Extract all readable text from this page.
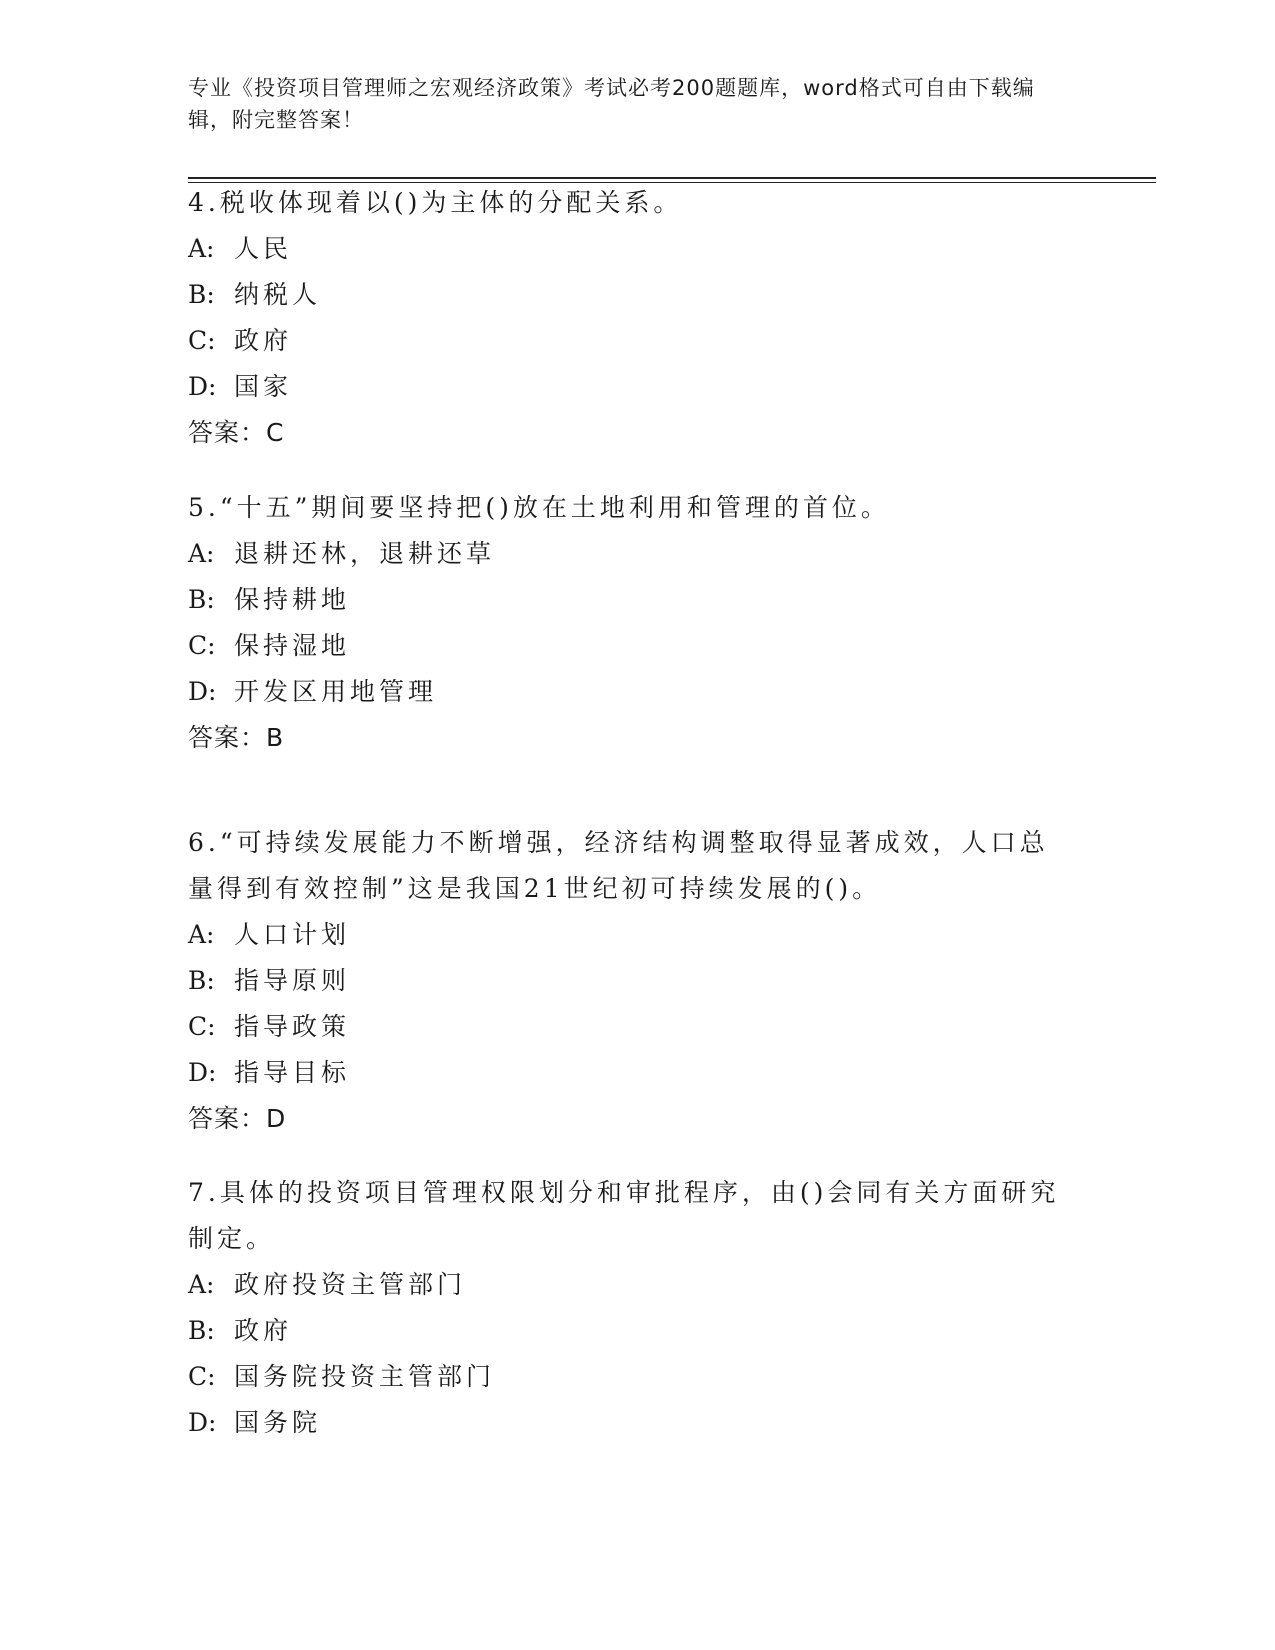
专业《投资项目管理师之宏观经济政策》考试必考200题题库，word格式可自由下载编辑，附完整答案！

4.税收体现着以()为主体的分配关系。

A: 人民

B: 纳税人

C: 政府

D: 国家

答案：C

5.“十五”期间要坚持把()放在土地利用和管理的首位。

A: 退耕还林，退耕还草

B: 保持耕地

C: 保持湿地

D: 开发区用地管理

答案：B

6.“可持续发展能力不断增强，经济结构调整取得显著成效，人口总量得到有效控制”这是我国21世纪初可持续发展的()。

A: 人口计划

B: 指导原则

C: 指导政策

D: 指导目标

答案：D

7.具体的投资项目管理权限划分和审批程序，由()会同有关方面研究制定。

A: 政府投资主管部门

B: 政府

C: 国务院投资主管部门

D: 国务院
